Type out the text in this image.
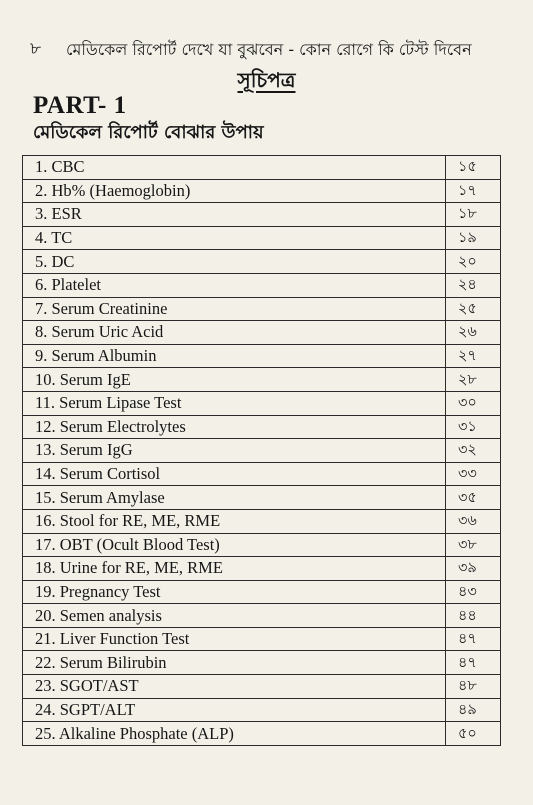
৮	মেডিকেল রিপোর্ট দেখে যা বুঝবেন - কোন রোগে কি টেস্ট দিবেন
সূচিপত্র
PART- 1
মেডিকেল রিপোর্ট বোঝার উপায়
1. CBC	১৫
2. Hb% (Haemoglobin)	১৭
3. ESR	১৮
4. TC	১৯
5. DC	২০
6. Platelet	২৪
7. Serum Creatinine	২৫
8. Serum Uric Acid	২৬
9. Serum Albumin	২৭
10. Serum IgE	২৮
11. Serum Lipase Test	৩০
12. Serum Electrolytes	৩১
13. Serum IgG	৩২
14. Serum Cortisol	৩৩
15. Serum Amylase	৩৫
16. Stool for RE, ME, RME	৩৬
17. OBT (Ocult Blood Test)	৩৮
18. Urine for RE, ME, RME	৩৯
19. Pregnancy Test	৪৩
20. Semen analysis	৪৪
21. Liver Function Test	৪৭
22. Serum Bilirubin	৪৭
23. SGOT/AST	৪৮
24. SGPT/ALT	৪৯
25. Alkaline Phosphate (ALP)	৫০
